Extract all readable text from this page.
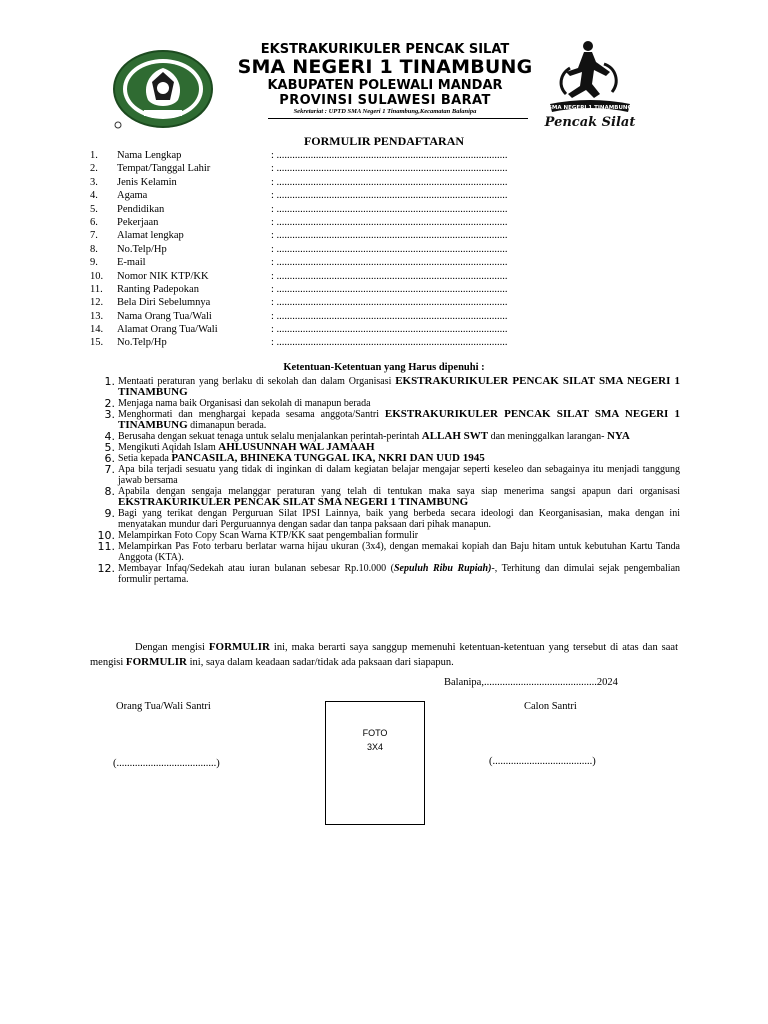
EKSTRAKURIKULER PENCAK SILAT
SMA NEGERI 1 TINAMBUNG
KABUPATEN POLEWALI MANDAR
PROVINSI SULAWESI BARAT
Sekretariat : UPTD SMA Negeri 1 Tinambung,Kecamatan Balanipa	SMA NEGERI 1 TINAMBUNG
Pencak Silat
FORMULIR PENDAFTARAN
1.	Nama Lengkap	: ........................................................................................
2.	Tempat/Tanggal Lahir	: ........................................................................................
3.	Jenis Kelamin	: ........................................................................................
4.	Agama	: ........................................................................................
5.	Pendidikan	: ........................................................................................
6.	Pekerjaan	: ........................................................................................
7.	Alamat lengkap	: ........................................................................................
8.	No.Telp/Hp	: ........................................................................................
9.	E-mail	: ........................................................................................
10.	Nomor NIK KTP/KK	: ........................................................................................
11.	Ranting Padepokan	: ........................................................................................
12.	Bela Diri Sebelumnya	: ........................................................................................
13.	Nama Orang Tua/Wali	: ........................................................................................
14.	Alamat Orang Tua/Wali	: ........................................................................................
15.	No.Telp/Hp	: ........................................................................................
Ketentuan-Ketentuan yang Harus dipenuhi :
1. Mentaati peraturan yang berlaku di sekolah dan dalam Organisasi EKSTRAKURIKULER PENCAK SILAT SMA NEGERI 1 TINAMBUNG
2. Menjaga nama baik Organisasi dan sekolah di manapun berada
3. Menghormati dan menghargai kepada sesama anggota/Santri EKSTRAKURIKULER PENCAK SILAT SMA NEGERI 1 TINAMBUNG dimanapun berada.
4. Berusaha dengan sekuat tenaga untuk selalu menjalankan perintah-perintah ALLAH SWT dan meninggalkan larangan- NYA
5. Mengikuti Aqidah Islam AHLUSUNNAH WAL JAMAAH
6. Setia kepada PANCASILA, BHINEKA TUNGGAL IKA, NKRI DAN UUD 1945
7. Apa bila terjadi sesuatu yang tidak di inginkan di dalam kegiatan belajar mengajar seperti keseleo dan sebagainya itu menjadi tanggung jawab bersama
8. Apabila dengan sengaja melanggar peraturan yang telah di tentukan maka saya siap menerima sangsi apapun dari organisasi EKSTRAKURIKULER PENCAK SILAT SMA NEGERI 1 TINAMBUNG
9. Bagi yang terikat dengan Perguruan Silat IPSI Lainnya, baik yang berbeda secara ideologi dan Keorganisasian, maka dengan ini menyatakan mundur dari Perguruannya dengan sadar dan tanpa paksaan dari pihak manapun.
10. Melampirkan Foto Copy Scan Warna KTP/KK saat pengembalian formulir
11. Melampirkan Pas Foto terbaru berlatar warna hijau ukuran (3x4), dengan memakai kopiah dan Baju hitam untuk kebutuhan Kartu Tanda Anggota (KTA).
12. Membayar Infaq/Sedekah atau iuran bulanan sebesar Rp.10.000 (Sepuluh Ribu Rupiah)-, Terhitung dan dimulai sejak pengembalian formulir pertama.
Dengan mengisi FORMULIR ini, maka berarti saya sanggup memenuhi ketentuan-ketentuan yang tersebut di atas dan saat mengisi FORMULIR ini, saya dalam keadaan sadar/tidak ada paksaan dari siapapun.
Balanipa,...........................................2024
Orang Tua/Wali Santri	Calon Santri
FOTO
3X4
(......................................)	(......................................)
